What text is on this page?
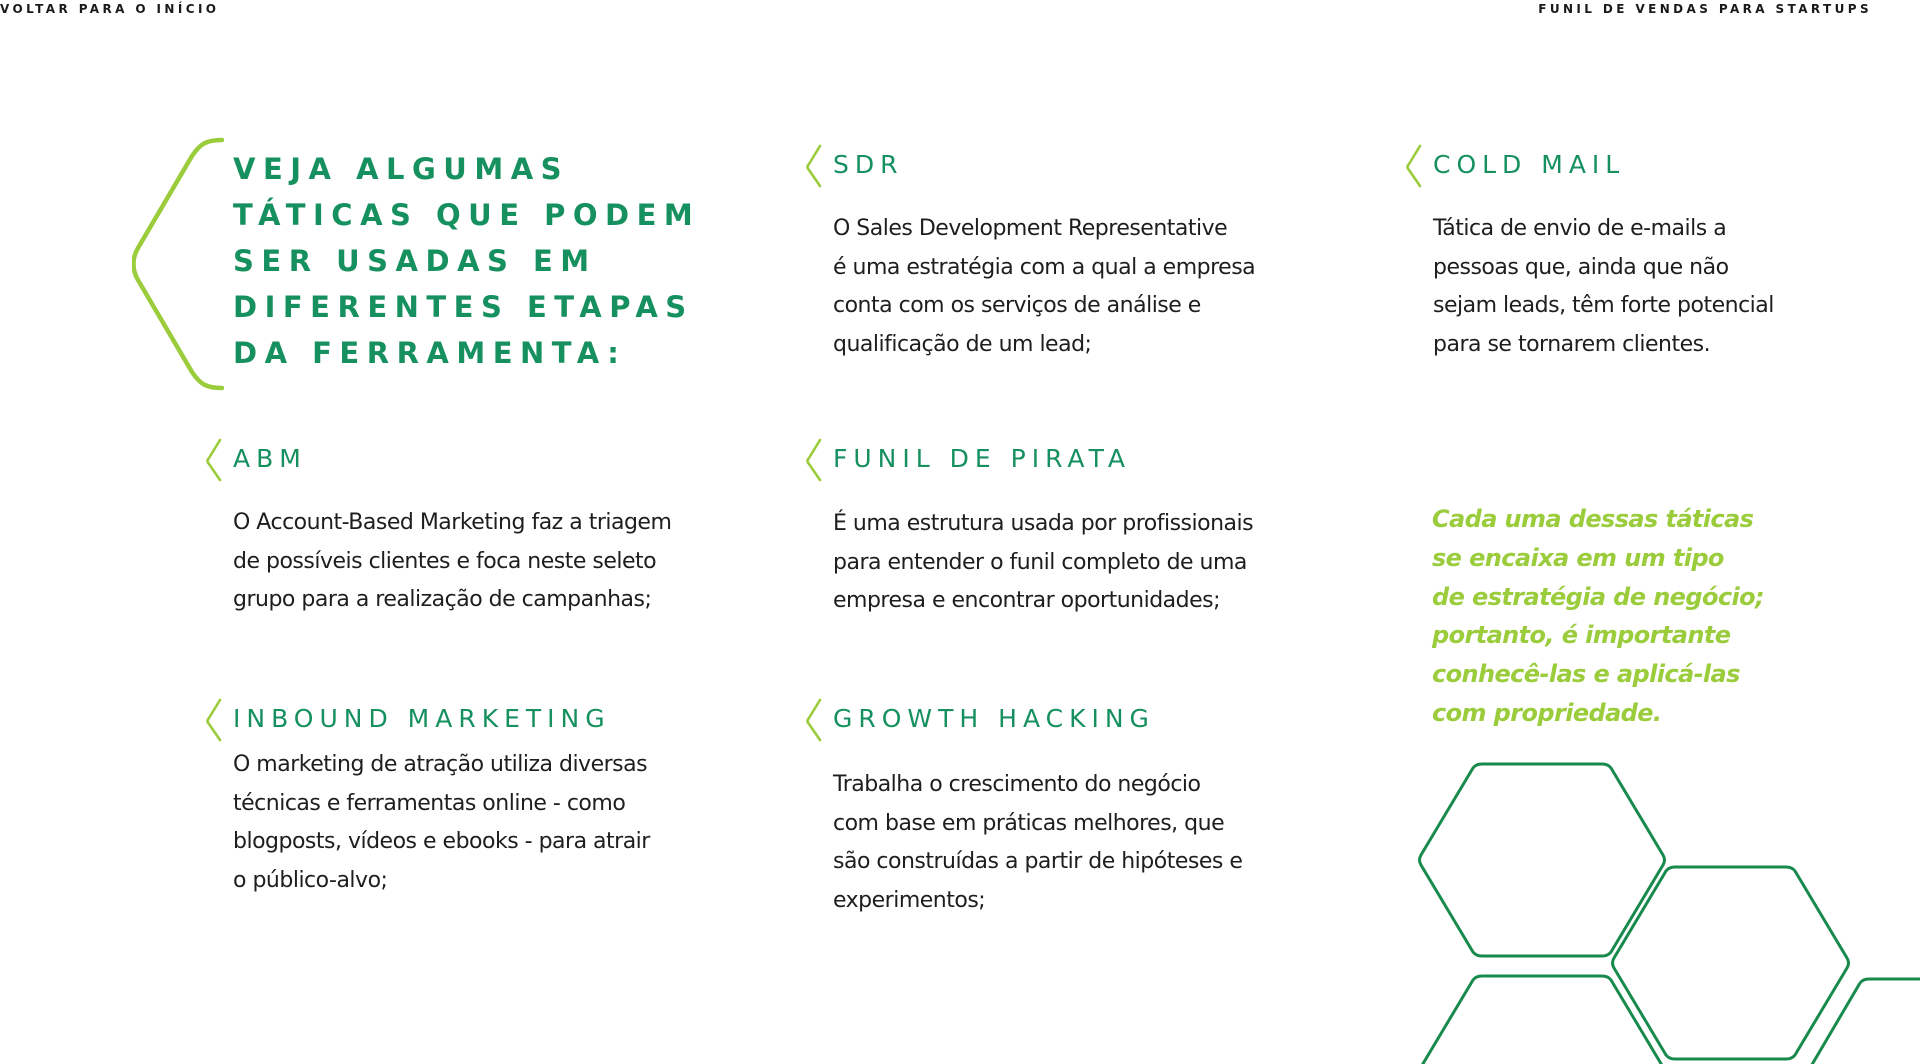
VOLTAR PARA O INÍCIO	FUNIL DE VENDAS PARA STARTUPS
VEJA ALGUMAS
TÁTICAS QUE PODEM
SER USADAS EM
DIFERENTES ETAPAS
DA FERRAMENTA:
SDR
O Sales Development Representative
é uma estratégia com a qual a empresa
conta com os serviços de análise e
qualificação de um lead;
COLD MAIL
Tática de envio de e-mails a
pessoas que, ainda que não
sejam leads, têm forte potencial
para se tornarem clientes.
ABM
O Account-Based Marketing faz a triagem
de possíveis clientes e foca neste seleto
grupo para a realização de campanhas;
FUNIL DE PIRATA
É uma estrutura usada por profissionais
para entender o funil completo de uma
empresa e encontrar oportunidades;
INBOUND MARKETING
O marketing de atração utiliza diversas
técnicas e ferramentas online - como
blogposts, vídeos e ebooks - para atrair
o público-alvo;
GROWTH HACKING
Trabalha o crescimento do negócio
com base em práticas melhores, que
são construídas a partir de hipóteses e
experimentos;
Cada uma dessas táticas
se encaixa em um tipo
de estratégia de negócio;
portanto, é importante
conhecê-las e aplicá-las
com propriedade.
